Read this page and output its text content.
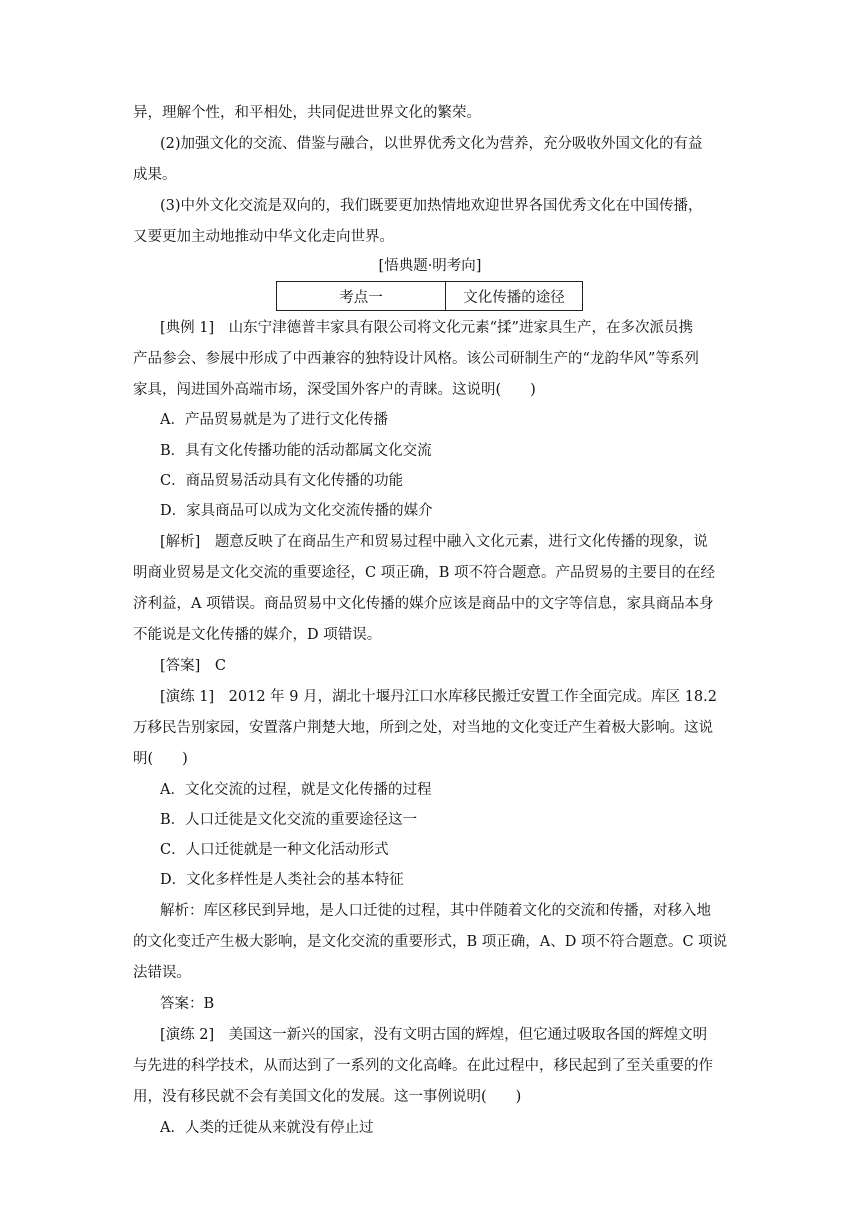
异，理解个性，和平相处，共同促进世界文化的繁荣。
(2)加强文化的交流、借鉴与融合，以世界优秀文化为营养，充分吸收外国文化的有益
成果。
(3)中外文化交流是双向的，我们既要更加热情地欢迎世界各国优秀文化在中国传播，
又要更加主动地推动中华文化走向世界。
[悟典题·明考向]
考点一	文化传播的途径
[典例 1]　山东宁津德普丰家具有限公司将文化元素“揉”进家具生产，在多次派员携
产品参会、参展中形成了中西兼容的独特设计风格。该公司研制生产的“龙韵华风”等系列
家具，闯进国外高端市场，深受国外客户的青睐。这说明(　　)
A．产品贸易就是为了进行文化传播
B．具有文化传播功能的活动都属文化交流
C．商品贸易活动具有文化传播的功能
D．家具商品可以成为文化交流传播的媒介
[解析]　题意反映了在商品生产和贸易过程中融入文化元素，进行文化传播的现象，说
明商业贸易是文化交流的重要途径，C 项正确，B 项不符合题意。产品贸易的主要目的在经
济利益，A 项错误。商品贸易中文化传播的媒介应该是商品中的文字等信息，家具商品本身
不能说是文化传播的媒介，D 项错误。
[答案]　C
[演练 1]　2012 年 9 月，湖北十堰丹江口水库移民搬迁安置工作全面完成。库区 18.2
万移民告别家园，安置落户荆楚大地，所到之处，对当地的文化变迁产生着极大影响。这说
明(　　)
A．文化交流的过程，就是文化传播的过程
B．人口迁徙是文化交流的重要途径这一
C．人口迁徙就是一种文化活动形式
D．文化多样性是人类社会的基本特征
解析：库区移民到异地，是人口迁徙的过程，其中伴随着文化的交流和传播，对移入地
的文化变迁产生极大影响，是文化交流的重要形式，B 项正确，A、D 项不符合题意。C 项说
法错误。
答案：B
[演练 2]　美国这一新兴的国家，没有文明古国的辉煌，但它通过吸取各国的辉煌文明
与先进的科学技术，从而达到了一系列的文化高峰。在此过程中，移民起到了至关重要的作
用，没有移民就不会有美国文化的发展。这一事例说明(　　)
A．人类的迁徙从来就没有停止过
